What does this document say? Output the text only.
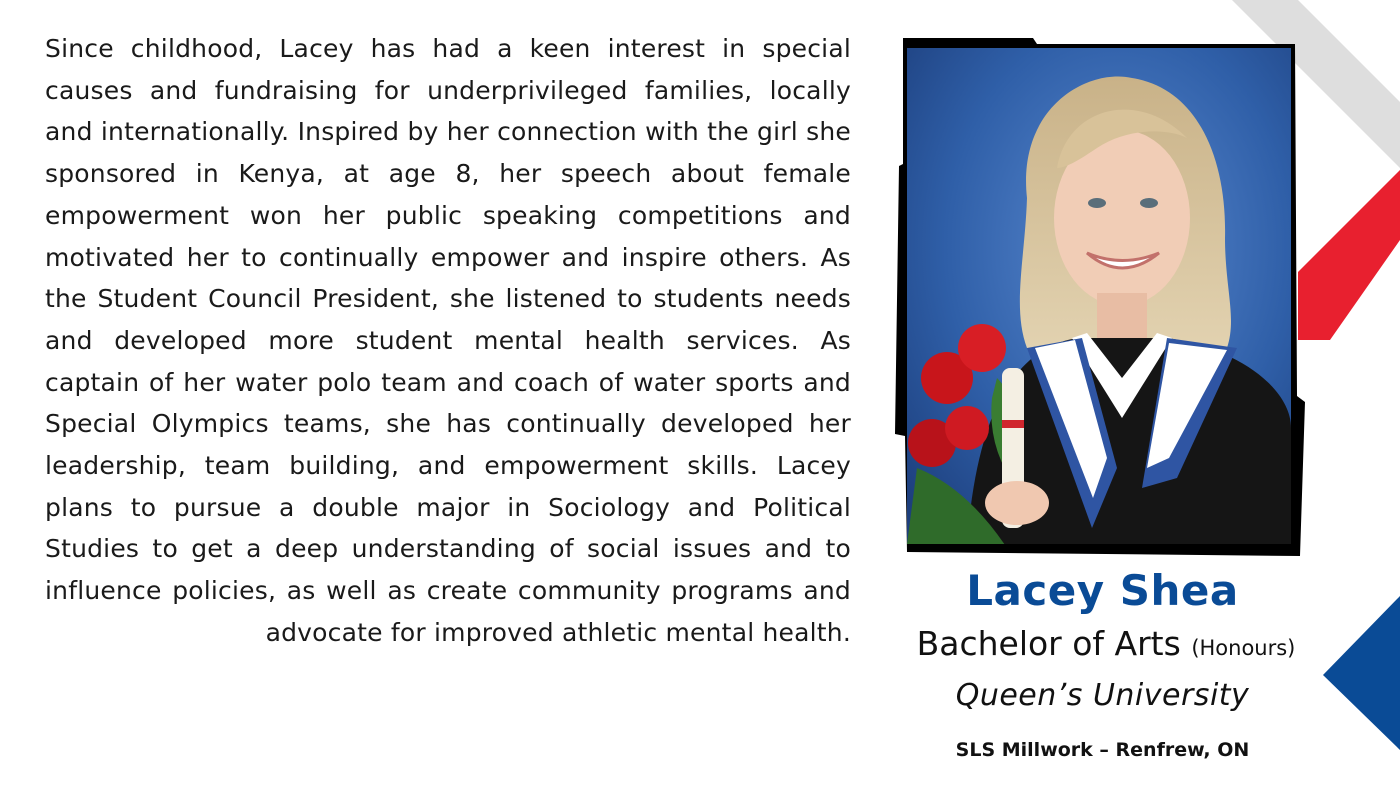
Since childhood, Lacey has had a keen interest in special causes and fundraising for underprivileged families, locally and internationally. Inspired by her connection with the girl she sponsored in Kenya, at age 8, her speech about female empowerment won her public speaking competitions and motivated her to continually empower and inspire others. As the Student Council President, she listened to students needs and developed more student mental health services. As captain of her water polo team and coach of water sports and Special Olympics teams, she has continually developed her leadership, team building, and empowerment skills. Lacey plans to pursue a double major in Sociology and Political Studies to get a deep understanding of social issues and to influence policies, as well as create community programs and advocate for improved athletic mental health.

Lacey Shea

Bachelor of Arts (Honours)

Queen’s University

SLS Millwork – Renfrew, ON
